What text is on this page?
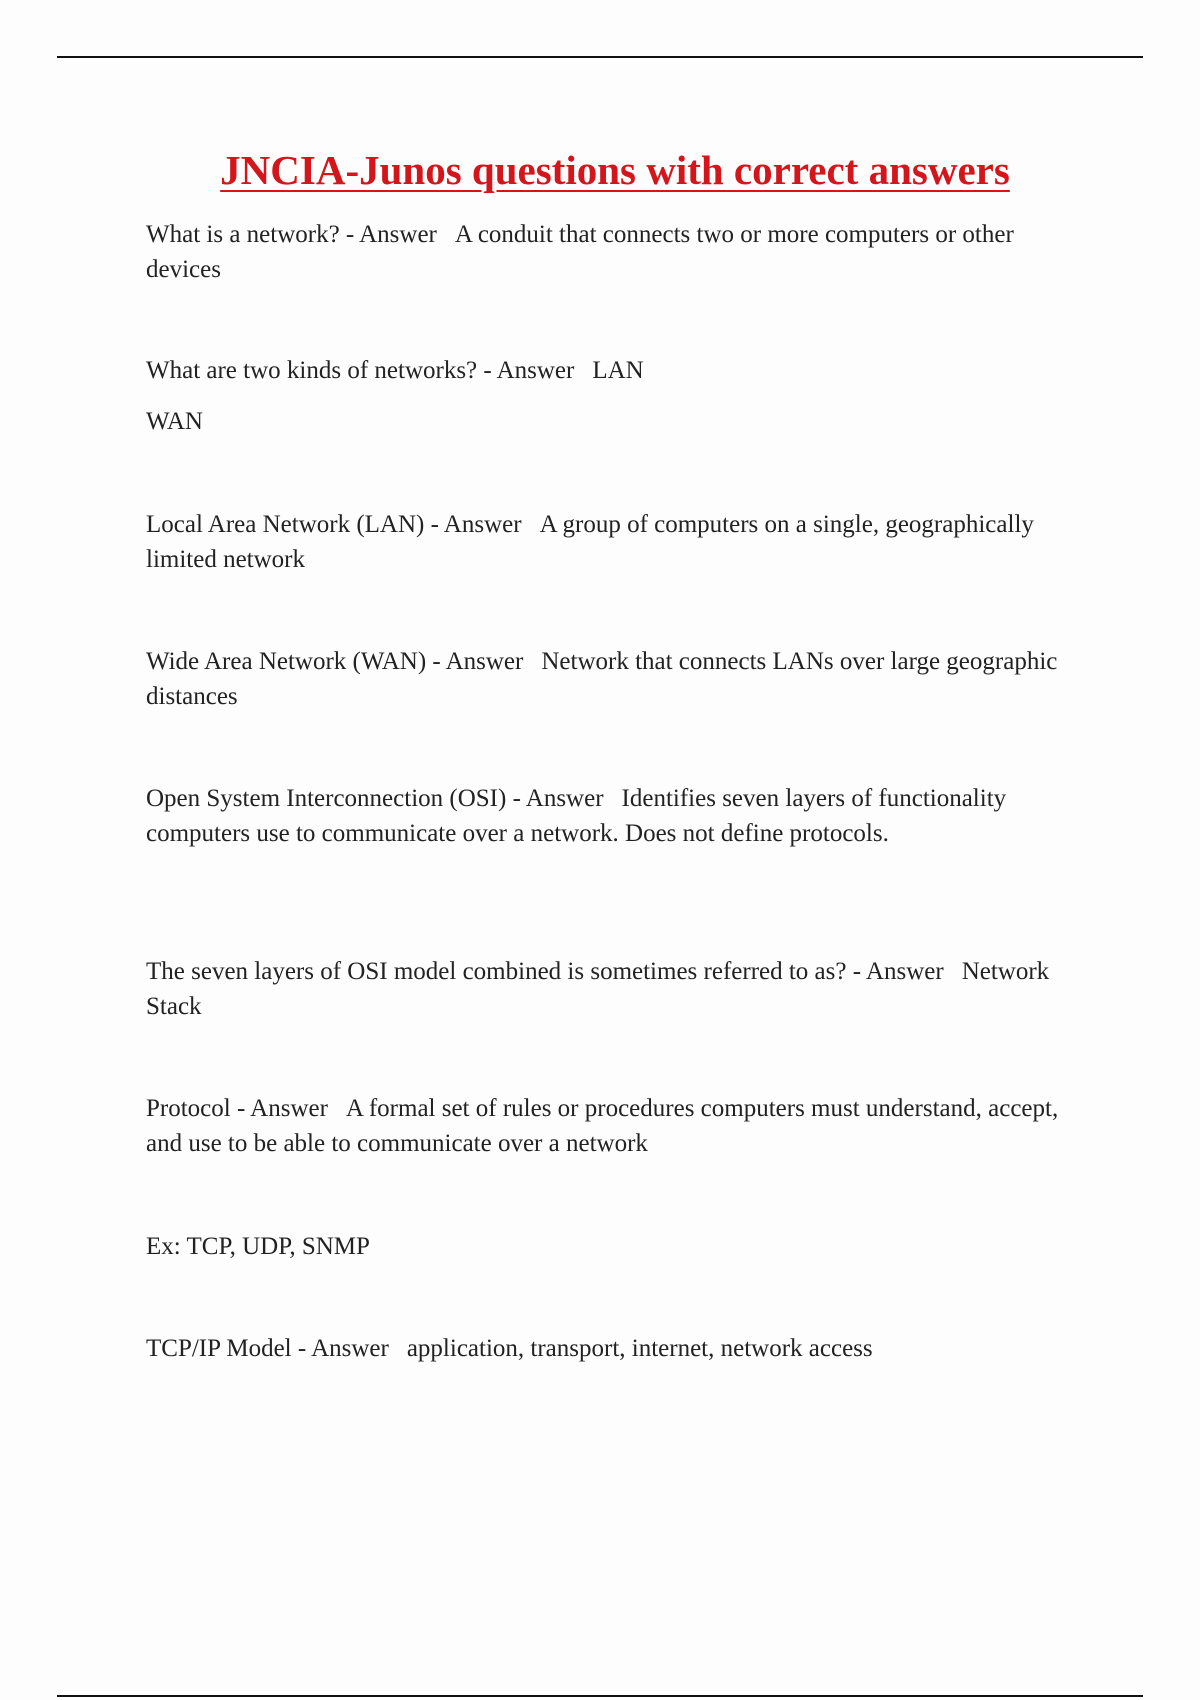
JNCIA-Junos questions with correct answers

What is a network? - Answer A conduit that connects two or more computers or other devices

What are two kinds of networks? - Answer LAN

WAN

Local Area Network (LAN) - Answer A group of computers on a single, geographically limited network

Wide Area Network (WAN) - Answer Network that connects LANs over large geographic distances

Open System Interconnection (OSI) - Answer Identifies seven layers of functionality computers use to communicate over a network. Does not define protocols.

The seven layers of OSI model combined is sometimes referred to as? - Answer Network Stack

Protocol - Answer A formal set of rules or procedures computers must understand, accept, and use to be able to communicate over a network

Ex: TCP, UDP, SNMP

TCP/IP Model - Answer application, transport, internet, network access
